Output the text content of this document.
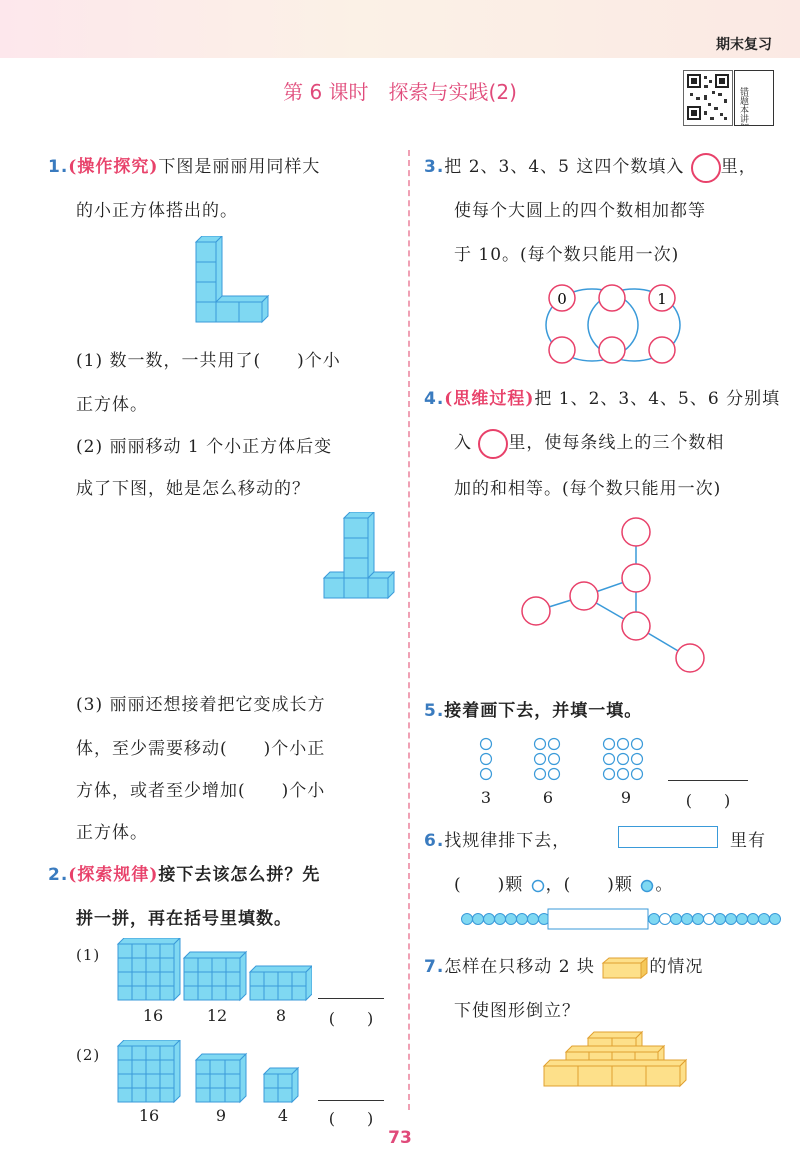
期末复习
第 6 课时　探索与实践(2)	错题本讲解视频
1.(操作探究)下图是丽丽用同样大
的小正方体搭出的。
(1) 数一数，一共用了(　　)个小
正方体。
(2) 丽丽移动 1 个小正方体后变
成了下图，她是怎么移动的？
(3) 丽丽还想接着把它变成长方
体，至少需要移动(　　)个小正
方体，或者至少增加(　　)个小
正方体。
2.(探索规律)接下去该怎么拼？先
拼一拼，再在括号里填数。
(1)
16	12	8	(　　)
(2)
16	9	4	(　　)
3.把 2、3、4、5 这四个数填入 里，
使每个大圆上的四个数相加都等
于 10。(每个数只能用一次)
0	1
4.(思维过程)把 1、2、3、4、5、6 分别填
入 里，使每条线上的三个数相
加的和相等。(每个数只能用一次)
5.接着画下去，并填一填。
3	6	9	(　　)
6.找规律排下去，	里有
(　　)颗 ，(　　)颗 。
7.怎样在只移动 2 块	的情况
下使图形倒立？
73
